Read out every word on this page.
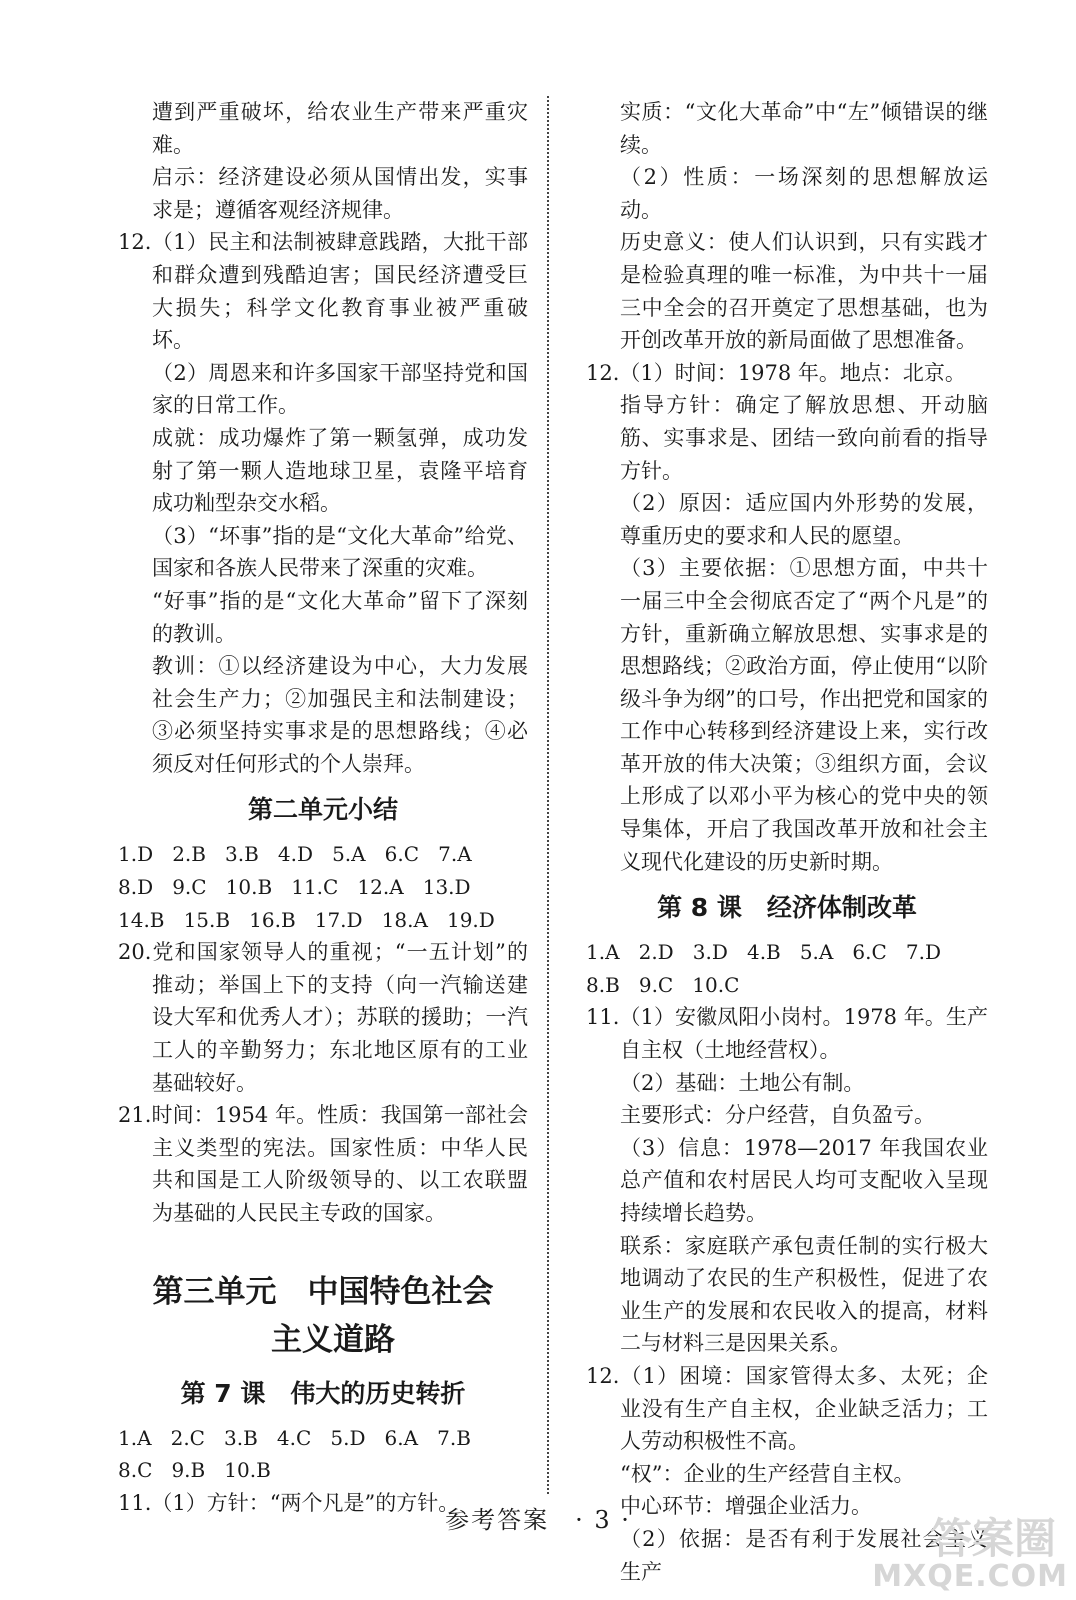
遭到严重破坏，给农业生产带来严重灾难。

启示：经济建设必须从国情出发，实事求是；遵循客观经济规律。

12.（1）民主和法制被肆意践踏，大批干部和群众遭到残酷迫害；国民经济遭受巨大损失；科学文化教育事业被严重破坏。

（2）周恩来和许多国家干部坚持党和国家的日常工作。

成就：成功爆炸了第一颗氢弹，成功发射了第一颗人造地球卫星，袁隆平培育成功籼型杂交水稻。

（3）“坏事”指的是“文化大革命”给党、国家和各族人民带来了深重的灾难。

“好事”指的是“文化大革命”留下了深刻的教训。

教训：①以经济建设为中心，大力发展社会生产力；②加强民主和法制建设；③必须坚持实事求是的思想路线；④必须反对任何形式的个人崇拜。

第二单元小结

1.D   2.B   3.B   4.D   5.A   6.C   7.A

8.D   9.C   10.B   11.C   12.A   13.D

14.B   15.B   16.B   17.D   18.A   19.D

20.党和国家领导人的重视；“一五计划”的推动；举国上下的支持（向一汽输送建设大军和优秀人才）；苏联的援助；一汽工人的辛勤努力；东北地区原有的工业基础较好。

21.时间：1954 年。性质：我国第一部社会主义类型的宪法。国家性质：中华人民共和国是工人阶级领导的、以工农联盟为基础的人民民主专政的国家。

第三单元　中国特色社会
主义道路
第 7 课　伟大的历史转折

1.A   2.C   3.B   4.C   5.D   6.A   7.B

8.C   9.B   10.B

11.（1）方针：“两个凡是”的方针。

实质：“文化大革命”中“左”倾错误的继续。

（2）性质：一场深刻的思想解放运动。

历史意义：使人们认识到，只有实践才是检验真理的唯一标准，为中共十一届三中全会的召开奠定了思想基础，也为开创改革开放的新局面做了思想准备。

12.（1）时间：1978 年。地点：北京。

指导方针：确定了解放思想、开动脑筋、实事求是、团结一致向前看的指导方针。

（2）原因：适应国内外形势的发展，尊重历史的要求和人民的愿望。

（3）主要依据：①思想方面，中共十一届三中全会彻底否定了“两个凡是”的方针，重新确立解放思想、实事求是的思想路线；②政治方面，停止使用“以阶级斗争为纲”的口号，作出把党和国家的工作中心转移到经济建设上来，实行改革开放的伟大决策；③组织方面，会议上形成了以邓小平为核心的党中央的领导集体，开启了我国改革开放和社会主义现代化建设的历史新时期。

第 8 课　经济体制改革

1.A   2.D   3.D   4.B   5.A   6.C   7.D

8.B   9.C   10.C

11.（1）安徽凤阳小岗村。1978 年。生产自主权（土地经营权）。

（2）基础：土地公有制。

主要形式：分户经营，自负盈亏。

（3）信息：1978—2017 年我国农业总产值和农村居民人均可支配收入呈现持续增长趋势。

联系：家庭联产承包责任制的实行极大地调动了农民的生产积极性，促进了农业生产的发展和农民收入的提高，材料二与材料三是因果关系。

12.（1）困境：国家管得太多、太死；企业没有生产自主权，企业缺乏活力；工人劳动积极性不高。

“权”：企业的生产经营自主权。

中心环节：增强企业活力。

（2）依据：是否有利于发展社会主义生产

参考答案　· 3 ·	答案圈
MXQE.COM
